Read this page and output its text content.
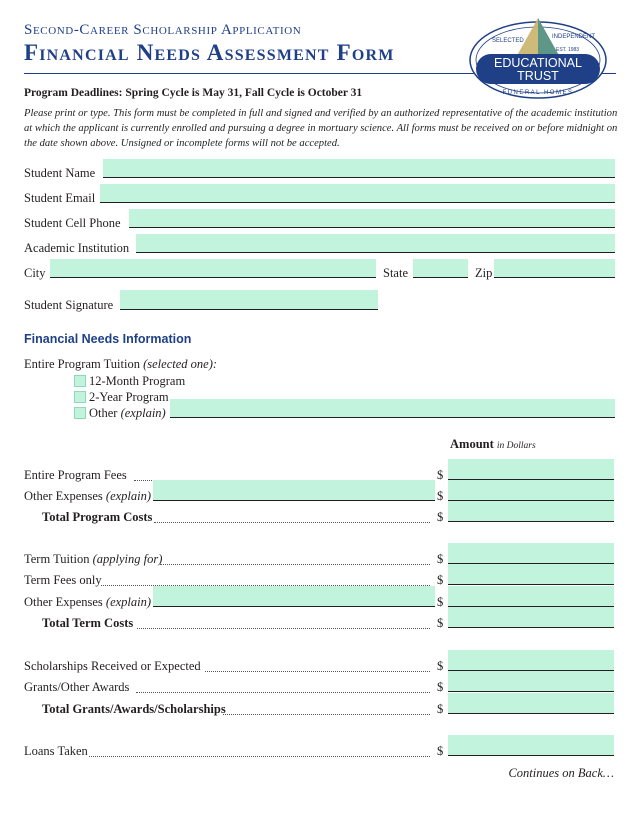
Second-Career Scholarship Application
Financial Needs Assessment Form	SELECTED
INDEPENDENT
EST. 1983
EDUCATIONAL
TRUST
FUNERAL HOMES
Program Deadlines: Spring Cycle is May 31, Fall Cycle is October 31
Please print or type. This form must be completed in full and signed and verified by an authorized representative of the academic institution at which the applicant is currently enrolled and pursuing a degree in mortuary science. All forms must be received on or before midnight on the date shown above. Unsigned or incomplete forms will not be accepted.
Student Name
Student Email
Student Cell Phone
Academic Institution
City	State	Zip
Student Signature
Financial Needs Information
Entire Program Tuition (selected one):
12-Month Program
2-Year Program
Other (explain)
Amount in Dollars
Entire Program Fees	$
Other Expenses (explain)	$
Total Program Costs	$
Term Tuition (applying for)	$
Term Fees only	$
Other Expenses (explain)	$
Total Term Costs	$
Scholarships Received or Expected	$
Grants/Other Awards	$
Total Grants/Awards/Scholarships	$
Loans Taken	$
Continues on Back…
